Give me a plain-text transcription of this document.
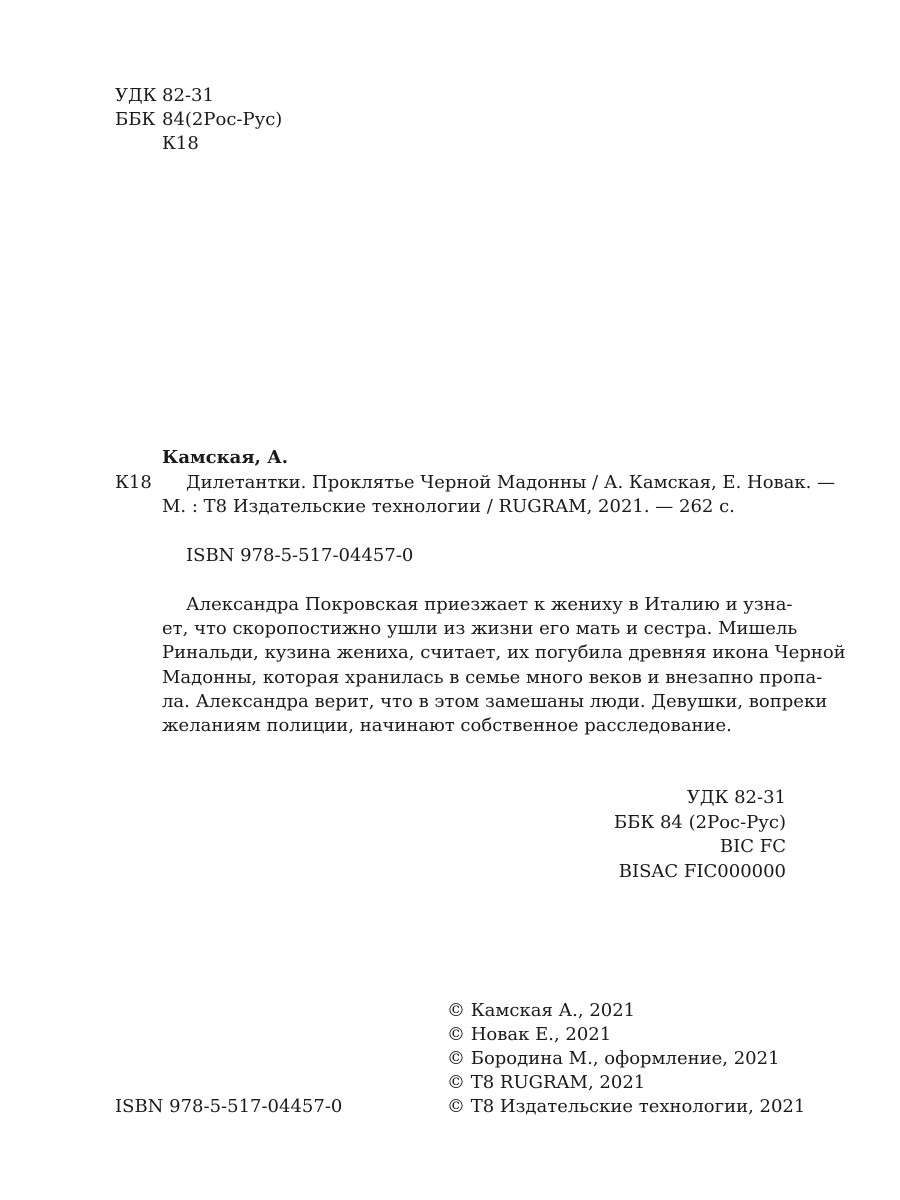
УДК 82-31
ББК 84(2Рос-Рус)
К18
Камская, А.
К18 Дилетантки. Проклятье Черной Мадонны / А. Камская, Е. Новак. —
М. : Т8 Издательские технологии / RUGRAM, 2021. — 262 с.
ISBN 978-5-517-04457-0
Александра Покровская приезжает к жениху в Италию и узна-
ет, что скоропостижно ушли из жизни его мать и сестра. Мишель
Ринальди, кузина жениха, считает, их погубила древняя икона Черной
Мадонны, которая хранилась в семье много веков и внезапно пропа-
ла. Александра верит, что в этом замешаны люди. Девушки, вопреки
желаниям полиции, начинают собственное расследование.
УДК 82-31
ББК 84 (2Рос-Рус)
BIC FC
BISAC FIC000000
ISBN 978-5-517-04457-0
© Камская А., 2021
© Новак Е., 2021
© Бородина М., оформление, 2021
© Т8 RUGRAM, 2021
© Т8 Издательские технологии, 2021
